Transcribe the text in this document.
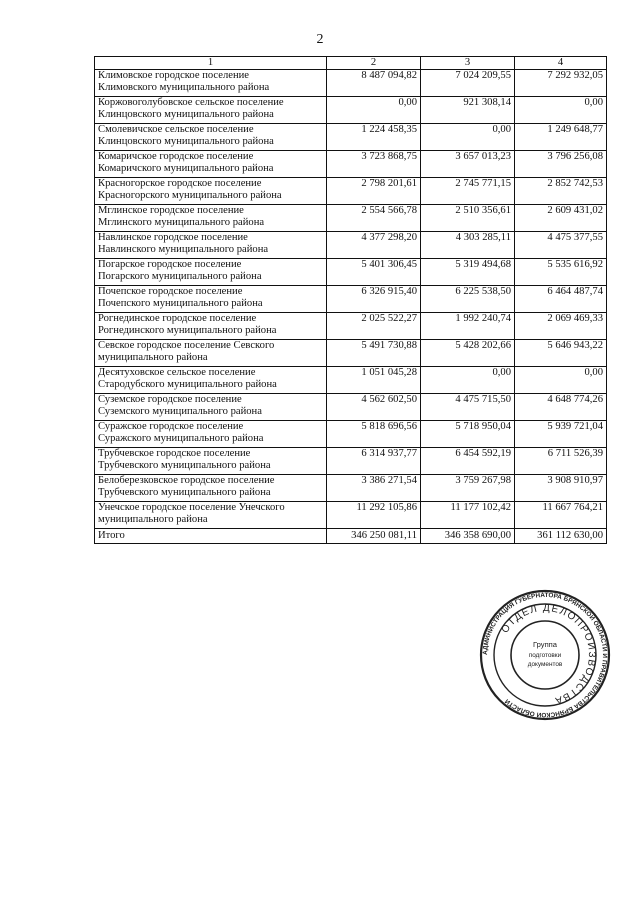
2
1	2	3	4

Климовское городское поселение
Климовского муниципального района	8 487 094,82	7 024 209,55	7 292 932,05

Коржовоголубовское сельское поселение
Клинцовского муниципального района	0,00	921 308,14	0,00

Смолевичское сельское поселение
Клинцовского муниципального района	1 224 458,35	0,00	1 249 648,77

Комаричское городское поселение
Комаричского муниципального района	3 723 868,75	3 657 013,23	3 796 256,08

Красногорское городское поселение
Красногорского муниципального района	2 798 201,61	2 745 771,15	2 852 742,53

Мглинское городское поселение
Мглинского муниципального района	2 554 566,78	2 510 356,61	2 609 431,02

Навлинское городское поселение
Навлинского муниципального района	4 377 298,20	4 303 285,11	4 475 377,55

Погарское городское поселение
Погарского муниципального района	5 401 306,45	5 319 494,68	5 535 616,92

Почепское городское поселение
Почепского муниципального района	6 326 915,40	6 225 538,50	6 464 487,74

Рогнединское городское поселение
Рогнединского муниципального района	2 025 522,27	1 992 240,74	2 069 469,33

Севское городское поселение Севского
муниципального района	5 491 730,88	5 428 202,66	5 646 943,22

Десятуховское сельское поселение
Стародубского муниципального района	1 051 045,28	0,00	0,00

Суземское городское поселение
Суземского муниципального района	4 562 602,50	4 475 715,50	4 648 774,26

Суражское городское поселение
Суражского муниципального района	5 818 696,56	5 718 950,04	5 939 721,04

Трубчевское городское поселение
Трубчевского муниципального района	6 314 937,77	6 454 592,19	6 711 526,39

Белоберезковское городское поселение
Трубчевского муниципального района	3 386 271,54	3 759 267,98	3 908 910,97

Унечское городское поселение Унечского
муниципального района	11 292 105,86	11 177 102,42	11 667 764,21
Итого	346 250 081,11	346 358 690,00	361 112 630,00
АДМИНИСТРАЦИЯ ГУБЕРНАТОРА БРЯНСКОЙ ОБЛАСТИ И ПРАВИТЕЛЬСТВА БРЯНСКОЙ ОБЛАСТИ
ОТДЕЛ ДЕЛОПРОИЗВОДСТВА
Группа
подготовки
документов
